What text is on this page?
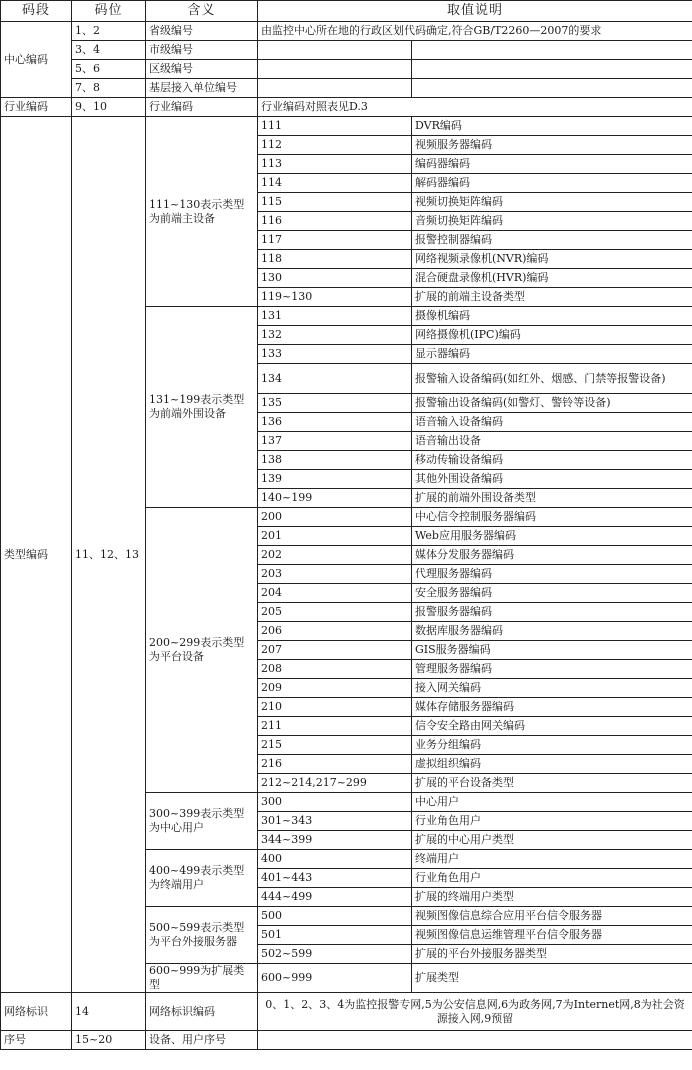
码段	码位	含义	取值说明	
中心编码	1、2	省级编号	由监控中心所在地的行政区划代码确定,符合GB/T2260—2007的要求	
	3、4	市级编号		
	5、6	区级编号		
	7、8	基层接入单位编号		
行业编码	9、10	行业编码	行业编码对照表见D.3	
类型编码	11、12、13	111~130表示类型为前端主设备	111	DVR编码
			112	视频服务器编码
			113	编码器编码
			114	解码器编码
			115	视频切换矩阵编码
			116	音频切换矩阵编码
			117	报警控制器编码
			118	网络视频录像机(NVR)编码
			130	混合硬盘录像机(HVR)编码
			119~130	扩展的前端主设备类型
		131~199表示类型为前端外围设备	131	摄像机编码
			132	网络摄像机(IPC)编码
			133	显示器编码
			134	报警输入设备编码(如红外、烟感、门禁等报警设备)
			135	报警输出设备编码(如警灯、警铃等设备)
			136	语音输入设备编码
			137	语音输出设备
			138	移动传输设备编码
			139	其他外围设备编码
			140~199	扩展的前端外围设备类型
		200~299表示类型为平台设备	200	中心信令控制服务器编码
			201	Web应用服务器编码
			202	媒体分发服务器编码
			203	代理服务器编码
			204	安全服务器编码
			205	报警服务器编码
			206	数据库服务器编码
			207	GIS服务器编码
			208	管理服务器编码
			209	接入网关编码
			210	媒体存储服务器编码
			211	信令安全路由网关编码
			215	业务分组编码
			216	虚拟组织编码
			212~214,217~299	扩展的平台设备类型
		300~399表示类型为中心用户	300	中心用户
			301~343	行业角色用户
			344~399	扩展的中心用户类型
		400~499表示类型为终端用户	400	终端用户
			401~443	行业角色用户
			444~499	扩展的终端用户类型
		500~599表示类型为平台外接服务器	500	视频图像信息综合应用平台信令服务器
			501	视频图像信息运维管理平台信令服务器
			502~599	扩展的平台外接服务器类型
		600~999为扩展类型	600~999	扩展类型
网络标识	14	网络标识编码	0、1、2、3、4为监控报警专网,5为公安信息网,6为政务网,7为Internet网,8为社会资源接入网,9预留	
序号	15~20	设备、用户序号		
